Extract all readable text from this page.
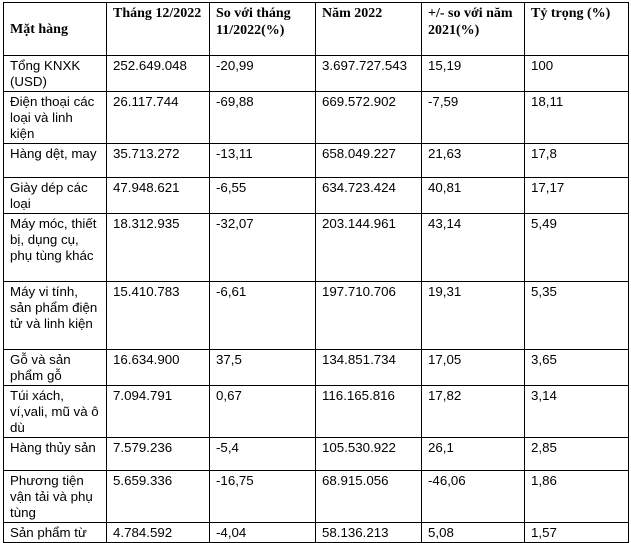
Mặt hàng	Tháng 12/2022	So với tháng 11/2022(%)	Năm 2022	+/- so với năm 2021(%)	Tỷ trọng (%)
Tổng KNXK (USD)	252.649.048	-20,99	3.697.727.543	15,19	100
Điện thoại các loại và linh kiện	26.117.744	-69,88	669.572.902	-7,59	18,11
Hàng dệt, may	35.713.272	-13,11	658.049.227	21,63	17,8
Giày dép các loại	47.948.621	-6,55	634.723.424	40,81	17,17
Máy móc, thiết bị, dụng cụ, phụ tùng khác	18.312.935	-32,07	203.144.961	43,14	5,49
Máy vi tính, sản phẩm điện tử và linh kiện	15.410.783	-6,61	197.710.706	19,31	5,35
Gỗ và sản phẩm gỗ	16.634.900	37,5	134.851.734	17,05	3,65
Túi xách, ví,vali, mũ và ô dù	7.094.791	0,67	116.165.816	17,82	3,14
Hàng thủy sản	7.579.236	-5,4	105.530.922	26,1	2,85
Phương tiện vận tải và phụ tùng	5.659.336	-16,75	68.915.056	-46,06	1,86
Sản phẩm từ	4.784.592	-4,04	58.136.213	5,08	1,57
